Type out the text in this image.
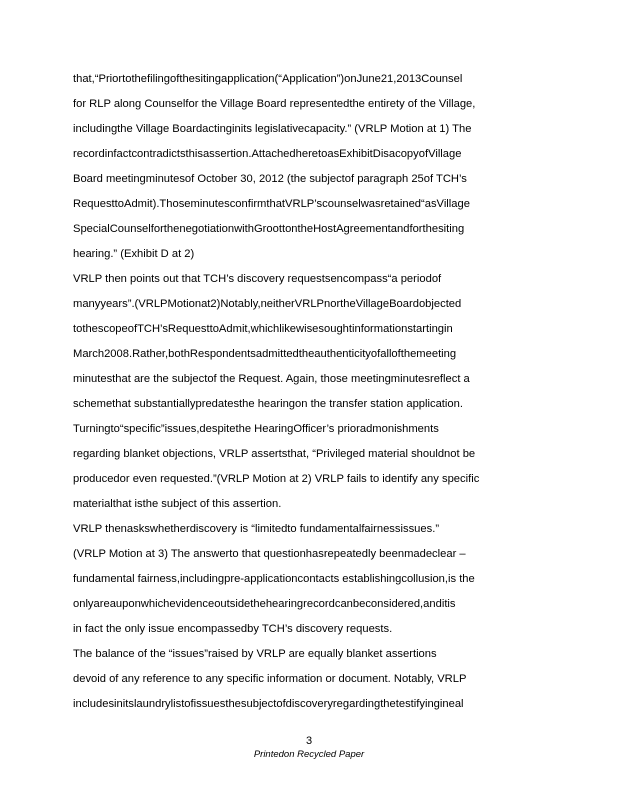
that,“Priortothefilingofthesitingapplication(“Application”)onJune21,2013Counsel
for RLP along Counselfor the Village Board representedthe entirety of the Village,
includingthe Village Boardactinginits legislativecapacity.” (VRLP Motion at 1) The
recordinfactcontradictsthisassertion.AttachedheretoasExhibitDisacopyofVillage
Board meetingminutesof October 30, 2012 (the subjectof paragraph 25of TCH’s
RequesttoAdmit).ThoseminutesconfirmthatVRLP’scounselwasretained“asVillage
SpecialCounselforthenegotiationwithGroottontheHostAgreementandforthesiting
hearing.” (Exhibit D at 2)
VRLP then points out that TCH’s discovery requestsencompass“a periodof
manyyears”.(VRLPMotionat2)Notably,neitherVRLPnortheVillageBoardobjected
tothescopeofTCH’sRequesttoAdmit,whichlikewisesoughtinformationstartingin
March2008.Rather,bothRespondentsadmittedtheauthenticityofallofthemeeting
minutesthat are the subjectof the Request. Again, those meetingminutesreflect a
schemethat substantiallypredatesthe hearingon the transfer station application.
Turningto“specific”issues,despitethe HearingOfficer’s prioradmonishments
regarding blanket objections, VRLP assertsthat, “Privileged material shouldnot be
producedor even requested.”(VRLP Motion at 2) VRLP fails to identify any specific
materialthat isthe subject of this assertion.
VRLP thenaskswhetherdiscovery is “limitedto fundamentalfairnessissues.”
(VRLP Motion at 3) The answerto that questionhasrepeatedly beenmadeclear –
fundamental fairness,includingpre-applicationcontacts establishingcollusion,is the
onlyareauponwhichevidenceoutsidethehearingrecordcanbeconsidered,anditis
in fact the only issue encompassedby TCH’s discovery requests.
The balance of the “issues”raised by VRLP are equally blanket assertions
devoid of any reference to any specific information or document. Notably, VRLP
includesinitslaundrylistofissuesthesubjectofdiscoveryregardingthetestifyingineal
3
Printedon Recycled Paper
